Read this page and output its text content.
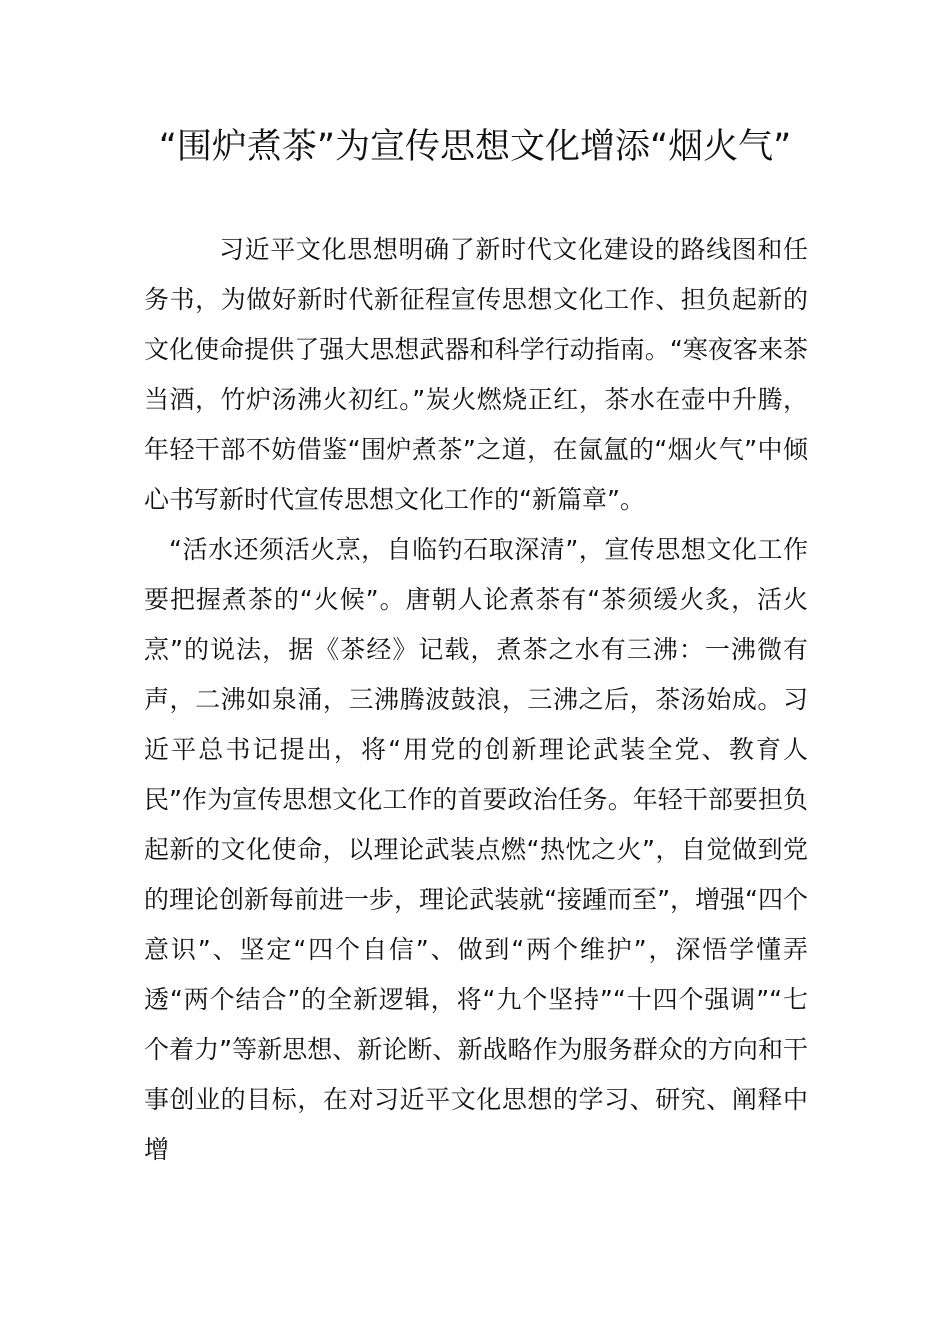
“围炉煮茶”为宣传思想文化增添“烟火气”

习近平文化思想明确了新时代文化建设的路线图和任务书，为做好新时代新征程宣传思想文化工作、担负起新的文化使命提供了强大思想武器和科学行动指南。“寒夜客来茶当酒，竹炉汤沸火初红。”炭火燃烧正红，茶水在壶中升腾，年轻干部不妨借鉴“围炉煮茶”之道，在氤氲的“烟火气”中倾心书写新时代宣传思想文化工作的“新篇章”。

“活水还须活火烹，自临钓石取深清”，宣传思想文化工作要把握煮茶的“火候”。唐朝人论煮茶有“茶须缓火炙，活火烹”的说法，据《茶经》记载，煮茶之水有三沸：一沸微有声，二沸如泉涌，三沸腾波鼓浪，三沸之后，茶汤始成。习近平总书记提出，将“用党的创新理论武装全党、教育人民”作为宣传思想文化工作的首要政治任务。年轻干部要担负起新的文化使命，以理论武装点燃“热忱之火”，自觉做到党的理论创新每前进一步，理论武装就“接踵而至”，增强“四个意识”、坚定“四个自信”、做到“两个维护”，深悟学懂弄透“两个结合”的全新逻辑，将“九个坚持”“十四个强调”“七个着力”等新思想、新论断、新战略作为服务群众的方向和干事创业的目标，在对习近平文化思想的学习、研究、阐释中增
